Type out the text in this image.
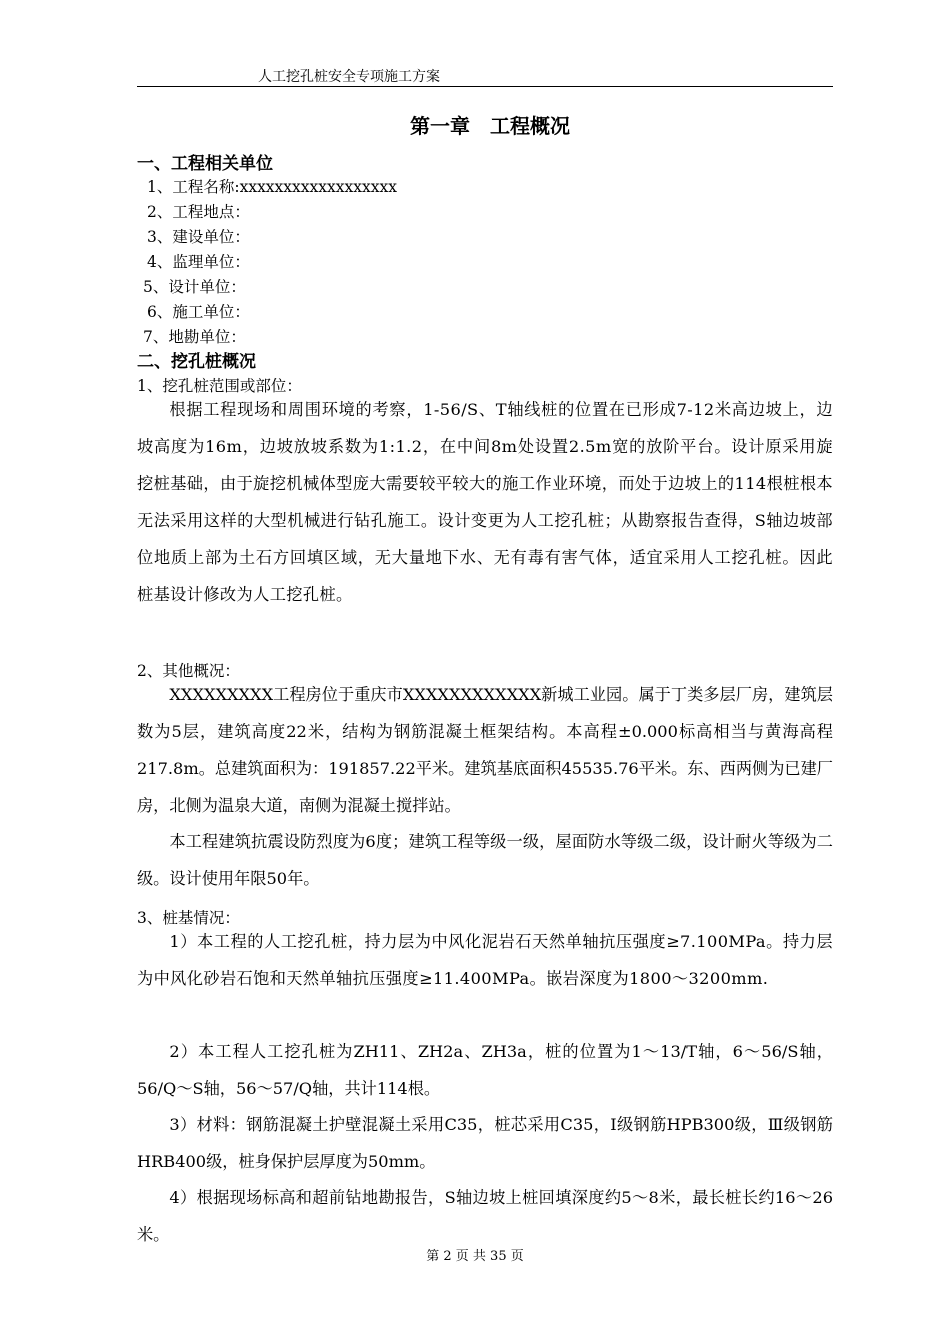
人工挖孔桩安全专项施工方案
第一章　工程概况
一、工程相关单位
1、工程名称:xxxxxxxxxxxxxxxxxx
2、工程地点：
3、建设单位：
4、监理单位：
5、设计单位：
6、施工单位：
7、地勘单位：
二、挖孔桩概况
1、挖孔桩范围或部位：
根据工程现场和周围环境的考察，1-56/S、T轴线桩的位置在已形成7-12米高边坡上，边坡高度为16m，边坡放坡系数为1:1.2，在中间8m处设置2.5m宽的放阶平台。设计原采用旋挖桩基础，由于旋挖机械体型庞大需要较平较大的施工作业环境，而处于边坡上的114根桩根本无法采用这样的大型机械进行钻孔施工。设计变更为人工挖孔桩；从勘察报告查得，S轴边坡部位地质上部为土石方回填区域，无大量地下水、无有毒有害气体，适宜采用人工挖孔桩。因此桩基设计修改为人工挖孔桩。
2、其他概况：
XXXXXXXXX工程房位于重庆市XXXXXXXXXXXX新城工业园。属于丁类多层厂房，建筑层数为5层，建筑高度22米，结构为钢筋混凝土框架结构。本高程±0.000标高相当与黄海高程217.8m。总建筑面积为：191857.22平米。建筑基底面积45535.76平米。东、西两侧为已建厂房，北侧为温泉大道，南侧为混凝土搅拌站。
本工程建筑抗震设防烈度为6度；建筑工程等级一级，屋面防水等级二级，设计耐火等级为二级。设计使用年限50年。
3、桩基情况：
1）本工程的人工挖孔桩，持力层为中风化泥岩石天然单轴抗压强度≥7.100MPa。持力层为中风化砂岩石饱和天然单轴抗压强度≥11.400MPa。嵌岩深度为1800～3200mm.
2）本工程人工挖孔桩为ZH11、ZH2a、ZH3a，桩的位置为1～13/T轴，6～56/S轴，56/Q～S轴，56～57/Q轴，共计114根。
3）材料：钢筋混凝土护壁混凝土采用C35，桩芯采用C35，Ⅰ级钢筋HPB300级，Ⅲ级钢筋HRB400级，桩身保护层厚度为50mm。
4）根据现场标高和超前钻地勘报告，S轴边坡上桩回填深度约5～8米，最长桩长约16～26米。
第 2 页 共 35 页
